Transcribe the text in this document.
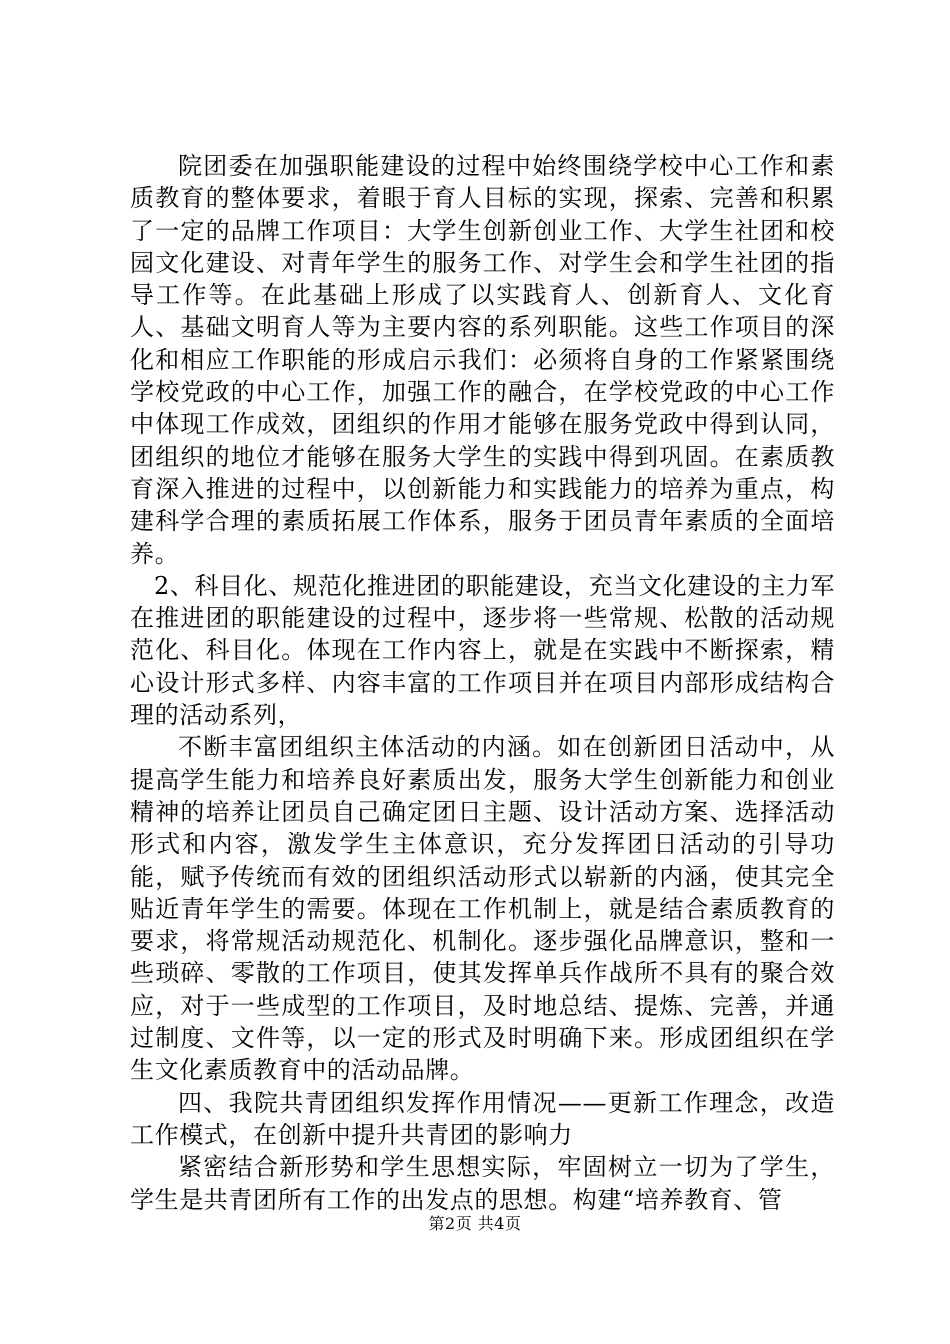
院团委在加强职能建设的过程中始终围绕学校中心工作和素质教育的整体要求，着眼于育人目标的实现，探索、完善和积累了一定的品牌工作项目：大学生创新创业工作、大学生社团和校园文化建设、对青年学生的服务工作、对学生会和学生社团的指导工作等。在此基础上形成了以实践育人、创新育人、文化育人、基础文明育人等为主要内容的系列职能。这些工作项目的深化和相应工作职能的形成启示我们：必须将自身的工作紧紧围绕学校党政的中心工作，加强工作的融合，在学校党政的中心工作中体现工作成效，团组织的作用才能够在服务党政中得到认同，团组织的地位才能够在服务大学生的实践中得到巩固。在素质教育深入推进的过程中，以创新能力和实践能力的培养为重点，构建科学合理的素质拓展工作体系，服务于团员青年素质的全面培养。

2、科目化、规范化推进团的职能建设，充当文化建设的主力军在推进团的职能建设的过程中，逐步将一些常规、松散的活动规范化、科目化。体现在工作内容上，就是在实践中不断探索，精心设计形式多样、内容丰富的工作项目并在项目内部形成结构合理的活动系列，

不断丰富团组织主体活动的内涵。如在创新团日活动中，从提高学生能力和培养良好素质出发，服务大学生创新能力和创业精神的培养让团员自己确定团日主题、设计活动方案、选择活动形式和内容，激发学生主体意识，充分发挥团日活动的引导功能，赋予传统而有效的团组织活动形式以崭新的内涵，使其完全贴近青年学生的需要。体现在工作机制上，就是结合素质教育的要求，将常规活动规范化、机制化。逐步强化品牌意识，整和一些琐碎、零散的工作项目，使其发挥单兵作战所不具有的聚合效应，对于一些成型的工作项目，及时地总结、提炼、完善，并通过制度、文件等，以一定的形式及时明确下来。形成团组织在学生文化素质教育中的活动品牌。

四、我院共青团组织发挥作用情况——更新工作理念，改造工作模式，在创新中提升共青团的影响力

紧密结合新形势和学生思想实际，牢固树立一切为了学生，学生是共青团所有工作的出发点的思想。构建“培养教育、管

第2页 共4页
